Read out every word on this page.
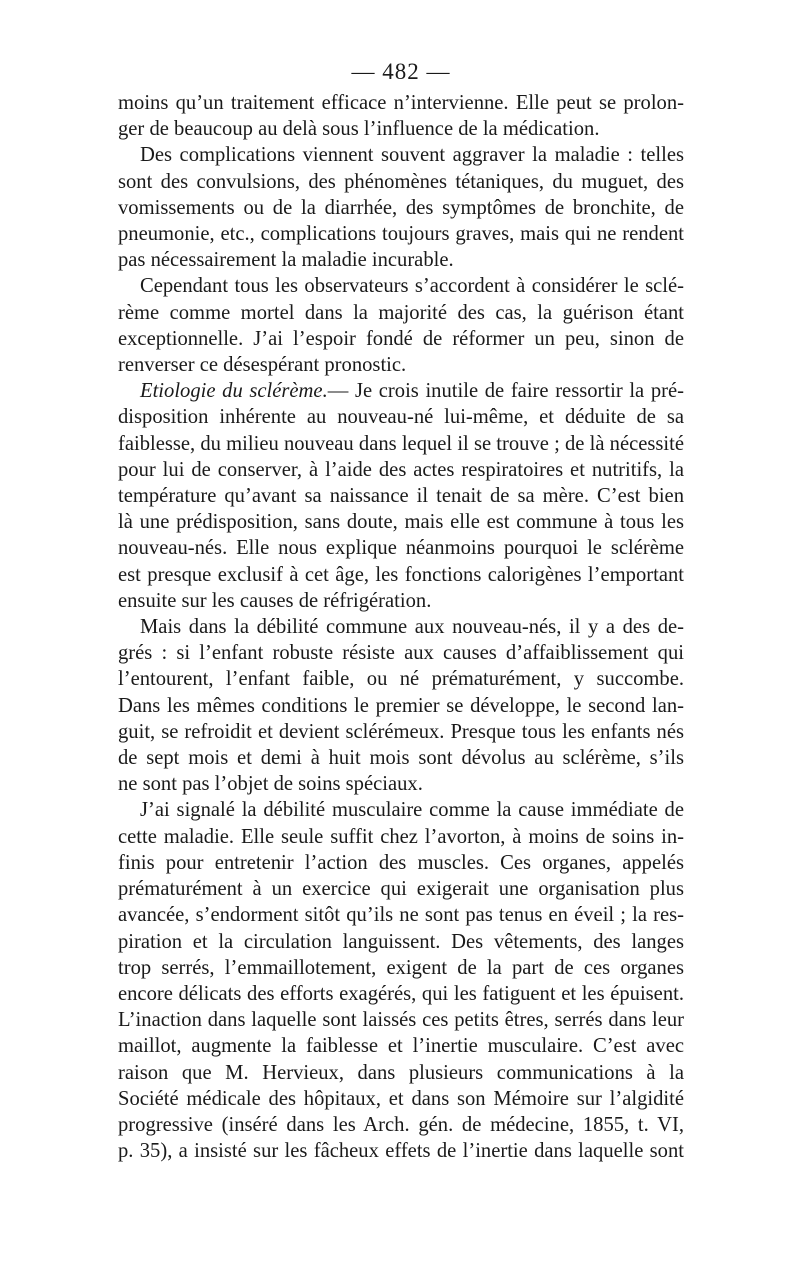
— 482 —

moins qu’un traitement efficace n’intervienne. Elle peut se prolon-
ger de beaucoup au delà sous l’influence de la médication.

Des complications viennent souvent aggraver la maladie : telles
sont des convulsions, des phénomènes tétaniques, du muguet, des
vomissements ou de la diarrhée, des symptômes de bronchite, de
pneumonie, etc., complications toujours graves, mais qui ne rendent
pas nécessairement la maladie incurable.

Cependant tous les observateurs s’accordent à considérer le sclé-
rème comme mortel dans la majorité des cas, la guérison étant
exceptionnelle. J’ai l’espoir fondé de réformer un peu, sinon de
renverser ce désespérant pronostic.

Etiologie du sclérème.— Je crois inutile de faire ressortir la pré-
disposition inhérente au nouveau-né lui-même, et déduite de sa
faiblesse, du milieu nouveau dans lequel il se trouve ; de là nécessité
pour lui de conserver, à l’aide des actes respiratoires et nutritifs, la
température qu’avant sa naissance il tenait de sa mère. C’est bien
là une prédisposition, sans doute, mais elle est commune à tous les
nouveau-nés. Elle nous explique néanmoins pourquoi le sclérème
est presque exclusif à cet âge, les fonctions calorigènes l’emportant
ensuite sur les causes de réfrigération.

Mais dans la débilité commune aux nouveau-nés, il y a des de-
grés : si l’enfant robuste résiste aux causes d’affaiblissement qui
l’entourent, l’enfant faible, ou né prématurément, y succombe.
Dans les mêmes conditions le premier se développe, le second lan-
guit, se refroidit et devient sclérémeux. Presque tous les enfants nés
de sept mois et demi à huit mois sont dévolus au sclérème, s’ils
ne sont pas l’objet de soins spéciaux.

J’ai signalé la débilité musculaire comme la cause immédiate de
cette maladie. Elle seule suffit chez l’avorton, à moins de soins in-
finis pour entretenir l’action des muscles. Ces organes, appelés
prématurément à un exercice qui exigerait une organisation plus
avancée, s’endorment sitôt qu’ils ne sont pas tenus en éveil ; la res-
piration et la circulation languissent. Des vêtements, des langes
trop serrés, l’emmaillotement, exigent de la part de ces organes
encore délicats des efforts exagérés, qui les fatiguent et les épuisent.
L’inaction dans laquelle sont laissés ces petits êtres, serrés dans leur
maillot, augmente la faiblesse et l’inertie musculaire. C’est avec
raison que M. Hervieux, dans plusieurs communications à la
Société médicale des hôpitaux, et dans son Mémoire sur l’algidité
progressive (inséré dans les Arch. gén. de médecine, 1855, t. VI,
p. 35), a insisté sur les fâcheux effets de l’inertie dans laquelle sont
